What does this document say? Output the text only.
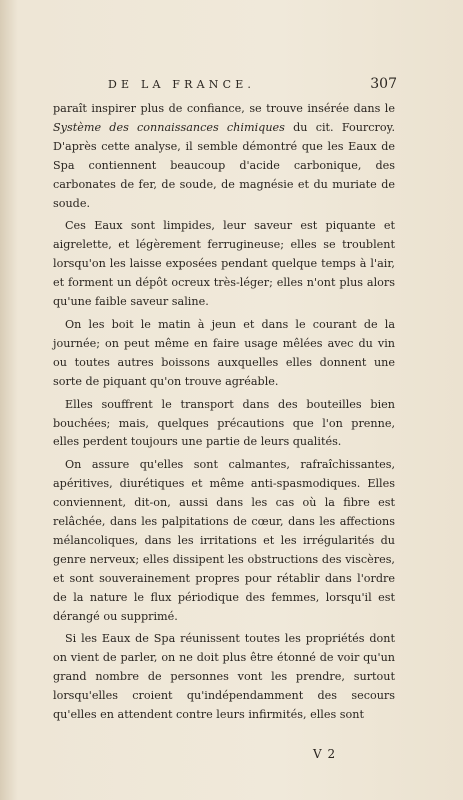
DE LA FRANCE.	307

paraît inspirer plus de confiance, se trouve insérée dans le Système des connaissances chimiques du cit. Fourcroy. D'après cette analyse, il semble démontré que les Eaux de Spa contiennent beaucoup d'acide carbonique, des carbonates de fer, de soude, de magnésie et du muriate de soude.

Ces Eaux sont limpides, leur saveur est piquante et aigrelette, et légèrement ferrugineuse; elles se troublent lorsqu'on les laisse exposées pendant quelque temps à l'air, et forment un dépôt ocreux très-léger; elles n'ont plus alors qu'une faible saveur saline.

On les boit le matin à jeun et dans le courant de la journée; on peut même en faire usage mêlées avec du vin ou toutes autres boissons auxquelles elles donnent une sorte de piquant qu'on trouve agréable.

Elles souffrent le transport dans des bouteilles bien bouchées; mais, quelques précautions que l'on prenne, elles perdent toujours une partie de leurs qualités.

On assure qu'elles sont calmantes, rafraîchissantes, apéritives, diurétiques et même anti-spasmodiques. Elles conviennent, dit-on, aussi dans les cas où la fibre est relâchée, dans les palpitations de cœur, dans les affections mélancoliques, dans les irritations et les irrégularités du genre nerveux; elles dissipent les obstructions des viscères, et sont souverainement propres pour rétablir dans l'ordre de la nature le flux périodique des femmes, lorsqu'il est dérangé ou supprimé.

Si les Eaux de Spa réunissent toutes les propriétés dont on vient de parler, on ne doit plus être étonné de voir qu'un grand nombre de personnes vont les prendre, surtout lorsqu'elles croient qu'indépendamment des secours qu'elles en attendent contre leurs infirmités, elles sont

V 2
